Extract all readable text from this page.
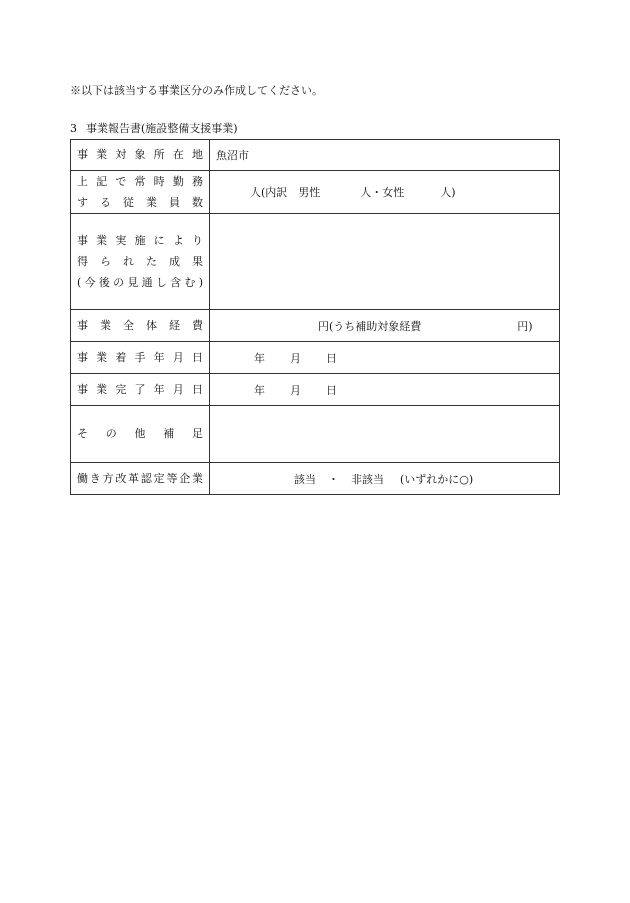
※以下は該当する事業区分のみ作成してください。
3 事業報告書(施設整備支援事業)
事業対象所在地	魚沼市

上記で常時勤務
する従業員数	人(内訳　男性 人・女性 人)

事業実施により
得られた成果
(今後の見通し含む)	

事業全体経費	円(うち補助対象経費 円)

事業着手年月日	年 月 日

事業完了年月日	年 月 日

その他補足	

働き方改革認定等企業	該当 ・ 非該当 (いずれかに○)
